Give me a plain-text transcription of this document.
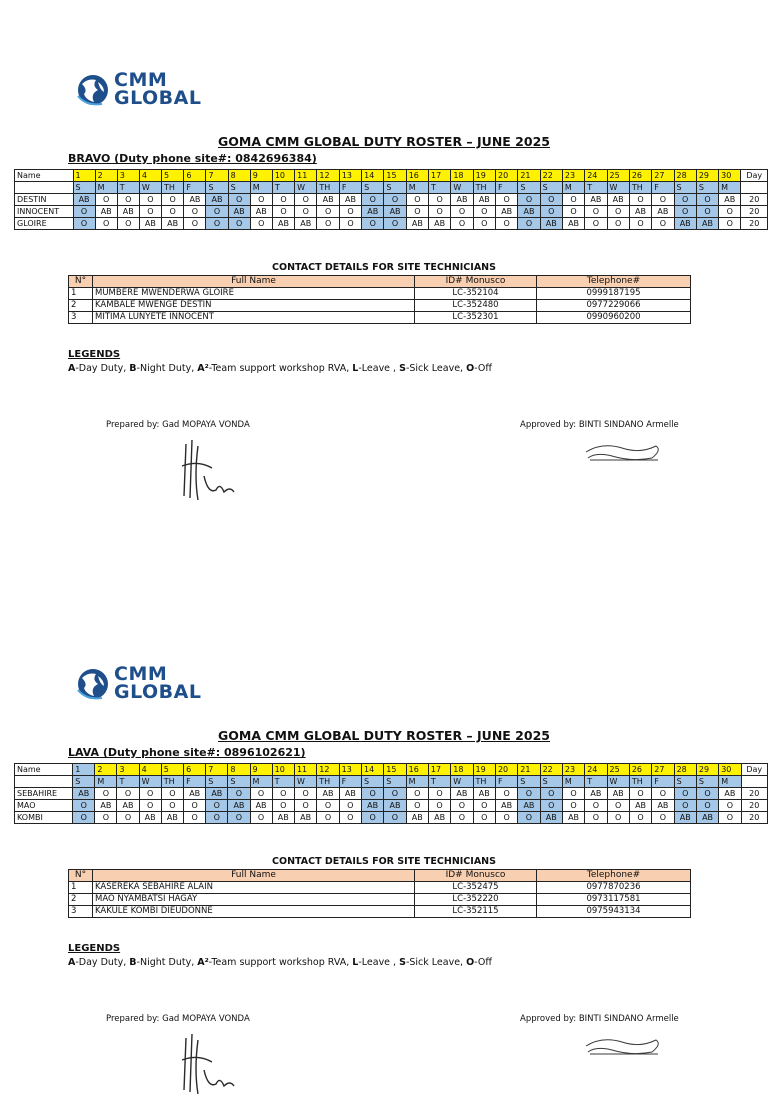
CMM
GLOBAL
GOMA CMM GLOBAL DUTY ROSTER – JUNE 2025
BRAVO (Duty phone site#: 0842696384)
Name	1	2	3	4	5	6	7	8	9	10	11	12	13	14	15	16	17	18	19	20	21	22	23	24	25	26	27	28	29	30	Day
	S	M	T	W	TH	F	S	S	M	T	W	TH	F	S	S	M	T	W	TH	F	S	S	M	T	W	TH	F	S	S	M	
DESTIN	AB	O	O	O	O	AB	AB	O	O	O	O	AB	AB	O	O	O	O	AB	AB	O	O	O	O	AB	AB	O	O	O	O	AB	20
INNOCENT	O	AB	AB	O	O	O	O	AB	AB	O	O	O	O	AB	AB	O	O	O	O	AB	AB	O	O	O	O	AB	AB	O	O	O	20
GLOIRE	O	O	O	AB	AB	O	O	O	O	AB	AB	O	O	O	O	AB	AB	O	O	O	O	AB	AB	O	O	O	O	AB	AB	O	20
CONTACT DETAILS FOR SITE TECHNICIANS
N°	Full Name	ID# Monusco	Telephone#
1	MUMBERE MWENDERWA GLOIRE	LC-352104	0999187195
2	KAMBALE MWENGE DESTIN	LC-352480	0977229066
3	MITIMA LUNYETE INNOCENT	LC-352301	0990960200
LEGENDS
A-Day Duty, B-Night Duty, A²-Team support workshop RVA, L-Leave , S-Sick Leave, O-Off
Prepared by: Gad MOPAYA VONDA	Approved by: BINTI SINDANO Armelle
CMM
GLOBAL
GOMA CMM GLOBAL DUTY ROSTER – JUNE 2025
LAVA (Duty phone site#: 0896102621)
Name	1	2	3	4	5	6	7	8	9	10	11	12	13	14	15	16	17	18	19	20	21	22	23	24	25	26	27	28	29	30	Day
	S	M	T	W	TH	F	S	S	M	T	W	TH	F	S	S	M	T	W	TH	F	S	S	M	T	W	TH	F	S	S	M	
SEBAHIRE	AB	O	O	O	O	AB	AB	O	O	O	O	AB	AB	O	O	O	O	AB	AB	O	O	O	O	AB	AB	O	O	O	O	AB	20
MAO	O	AB	AB	O	O	O	O	AB	AB	O	O	O	O	AB	AB	O	O	O	O	AB	AB	O	O	O	O	AB	AB	O	O	O	20
KOMBI	O	O	O	AB	AB	O	O	O	O	AB	AB	O	O	O	O	AB	AB	O	O	O	O	AB	AB	O	O	O	O	AB	AB	O	20
CONTACT DETAILS FOR SITE TECHNICIANS
N°	Full Name	ID# Monusco	Telephone#
1	KASEREKA SEBAHIRE ALAIN	LC-352475	0977870236
2	MAO NYAMBATSI HAGAY	LC-352220	0973117581
3	KAKULE KOMBI DIEUDONNE	LC-352115	0975943134
LEGENDS
A-Day Duty, B-Night Duty, A²-Team support workshop RVA, L-Leave , S-Sick Leave, O-Off
Prepared by: Gad MOPAYA VONDA	Approved by: BINTI SINDANO Armelle
